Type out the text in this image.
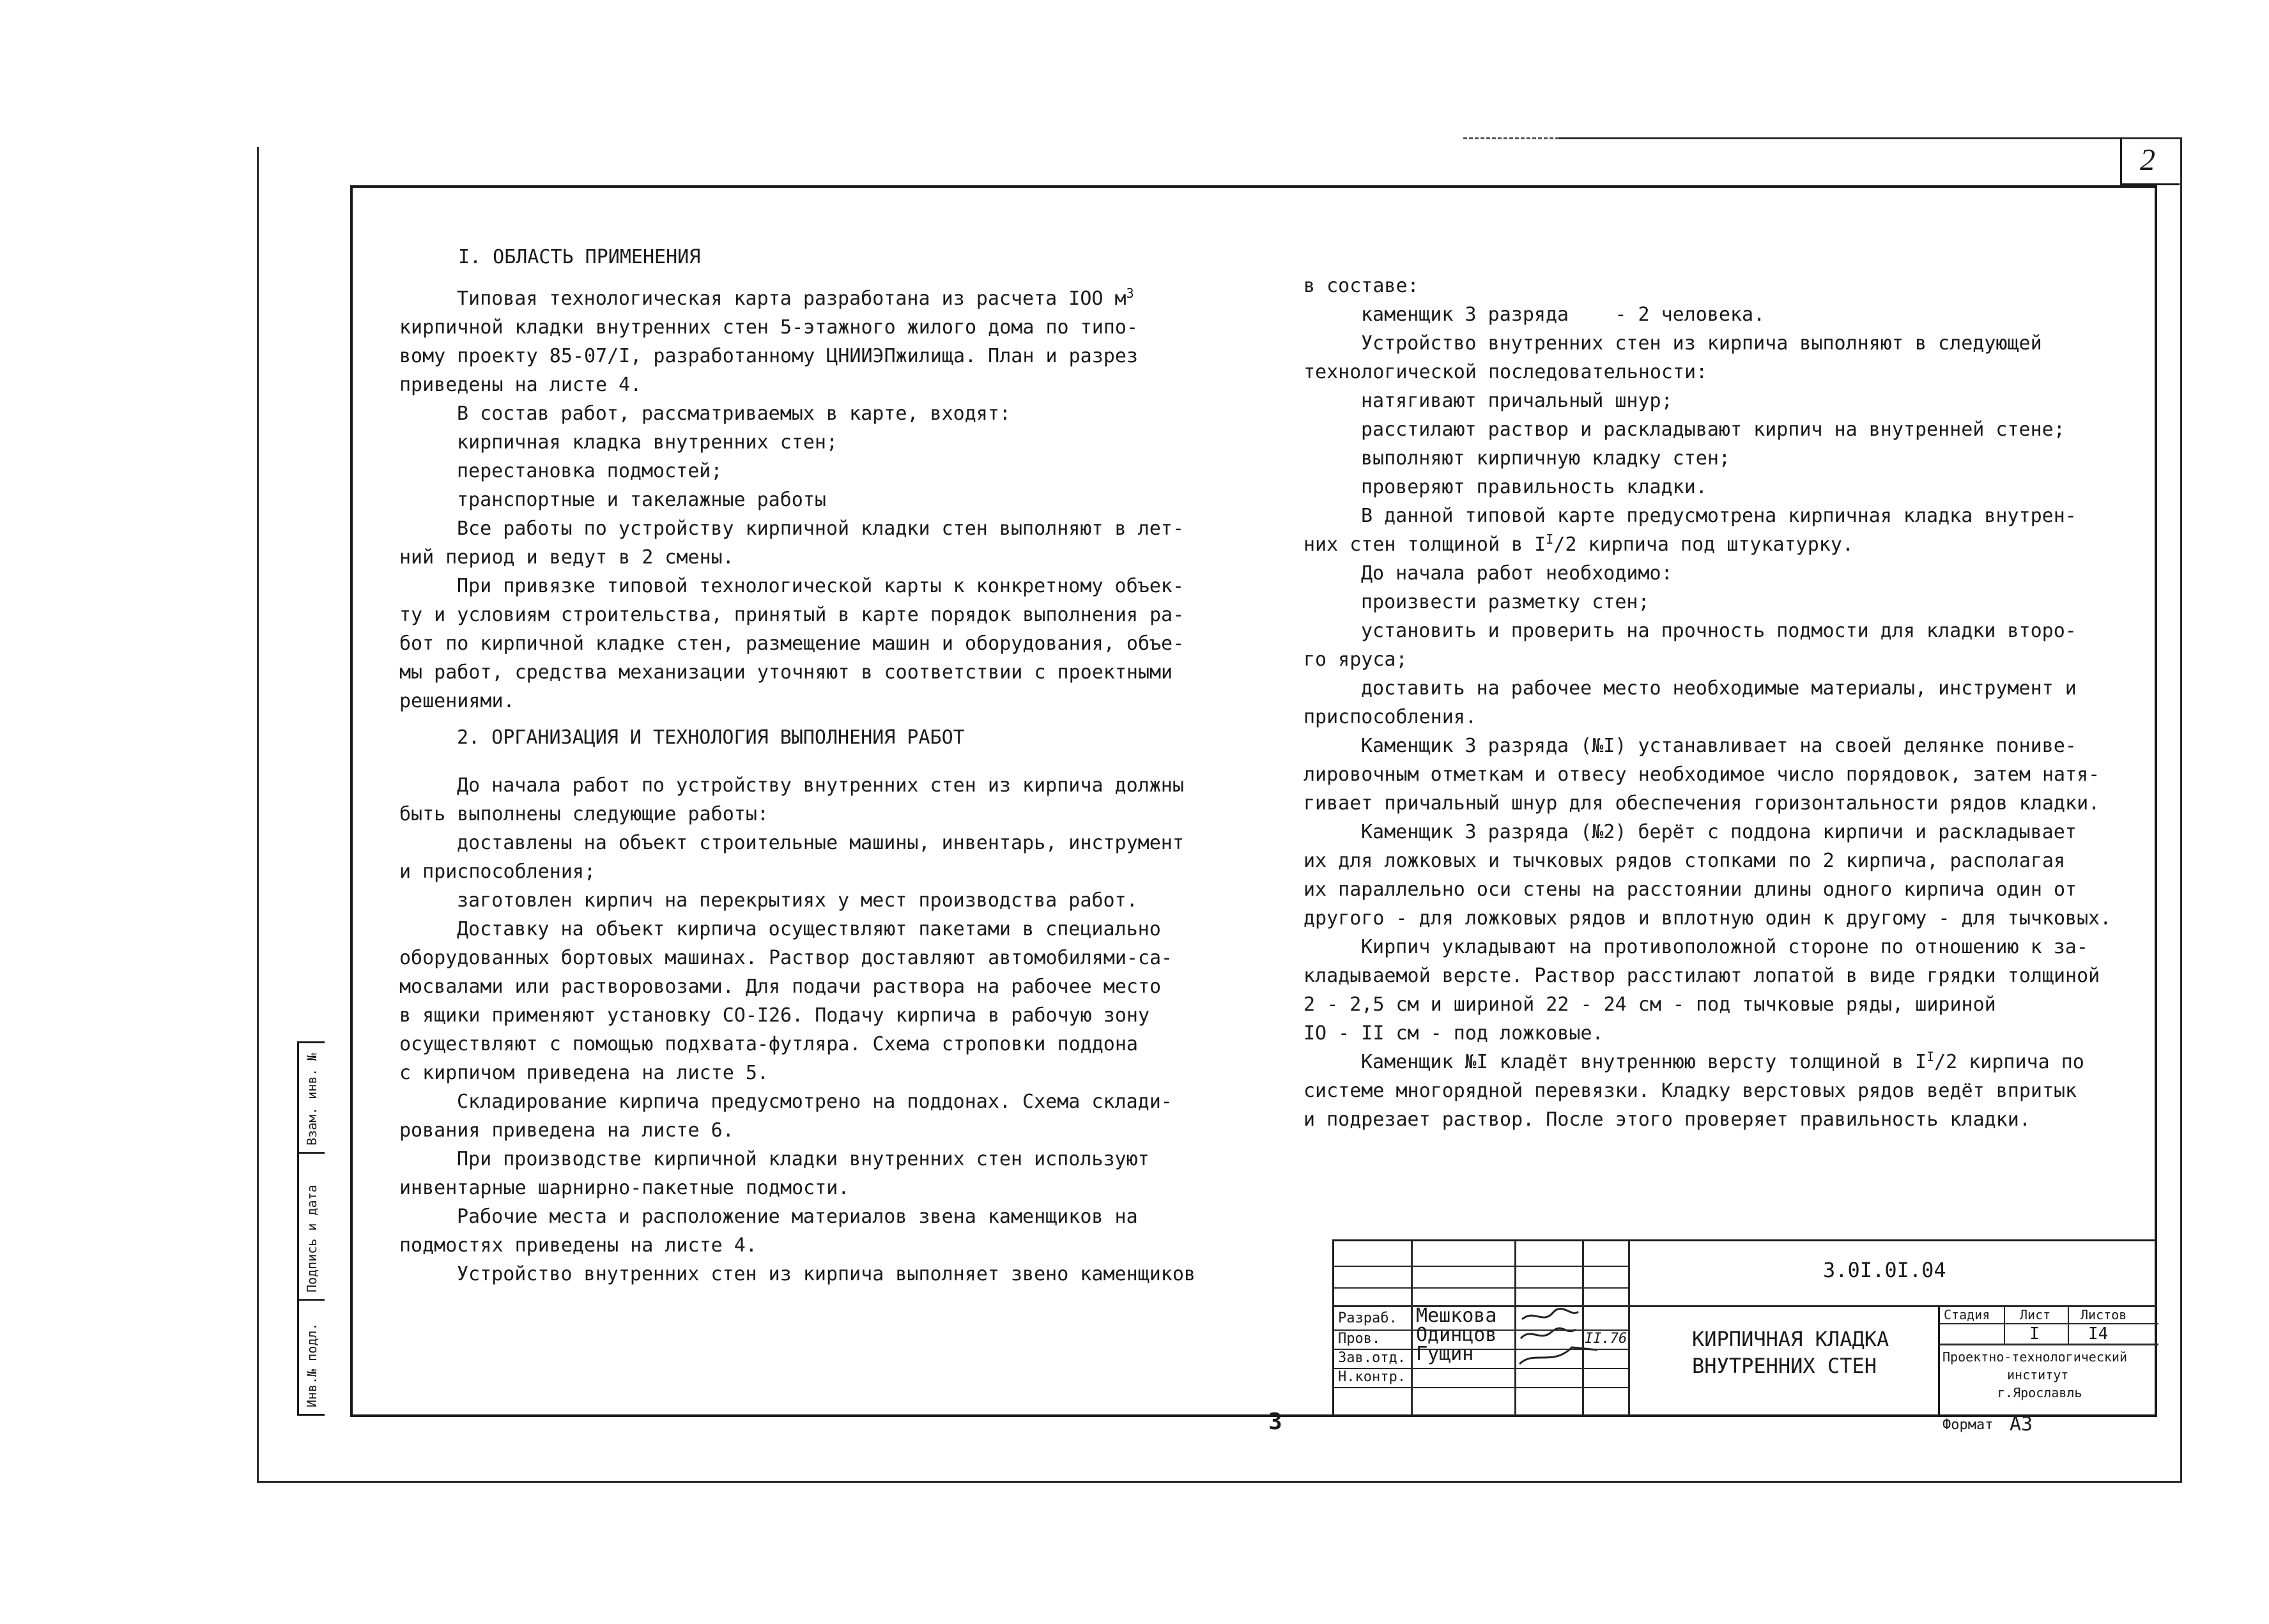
2
Инв.№ подл.
Подпись и дата
Взам. инв. №

I. ОБЛАСТЬ ПРИМЕНЕНИЯ

Типовая технологическая карта разработана из расчета IOO $м^3$

кирпичной кладки внутренних стен 5-этажного жилого дома по типо-

вому проекту 85-07/I, разработанному ЦНИИЭПжилища. План и разрез

приведены на листе 4.

В состав работ, рассматриваемых в карте, входят:

кирпичная кладка внутренних стен;

перестановка подмостей;

транспортные и такелажные работы

Все работы по устройству кирпичной кладки стен выполняют в лет-

ний период и ведут в 2 смены.

При привязке типовой технологической карты к конкретному объек-

ту и условиям строительства, принятый в карте порядок выполнения ра-

бот по кирпичной кладке стен, размещение машин и оборудования, объе-

мы работ, средства механизации уточняют в соответствии с проектными

решениями.

2. ОРГАНИЗАЦИЯ И ТЕХНОЛОГИЯ ВЫПОЛНЕНИЯ РАБОТ

До начала работ по устройству внутренних стен из кирпича должны

быть выполнены следующие работы:

доставлены на объект строительные машины, инвентарь, инструмент

и приспособления;

заготовлен кирпич на перекрытиях у мест производства работ.

Доставку на объект кирпича осуществляют пакетами в специально

оборудованных бортовых машинах. Раствор доставляют автомобилями-са-

мосвалами или растворовозами. Для подачи раствора на рабочее место

в ящики применяют установку СО-I26. Подачу кирпича в рабочую зону

осуществляют с помощью подхвата-футляра. Схема строповки поддона

с кирпичом приведена на листе 5.

Складирование кирпича предусмотрено на поддонах. Схема склади-

рования приведена на листе 6.

При производстве кирпичной кладки внутренних стен используют

инвентарные шарнирно-пакетные подмости.

Рабочие места и расположение материалов звена каменщиков на

подмостях приведены на листе 4.

Устройство внутренних стен из кирпича выполняет звено каменщиков

в составе:

каменщик 3 разряда    - 2 человека.

Устройство внутренних стен из кирпича выполняют в следующей

технологической последовательности:

натягивают причальный шнур;

расстилают раствор и раскладывают кирпич на внутренней стене;

выполняют кирпичную кладку стен;

проверяют правильность кладки.

В данной типовой карте предусмотрена кирпичная кладка внутрен-

них стен толщиной в $I^I/2$ кирпича под штукатурку.

До начала работ необходимо:

произвести разметку стен;

установить и проверить на прочность подмости для кладки второ-

го яруса;

доставить на рабочее место необходимые материалы, инструмент и

приспособления.

Каменщик 3 разряда (№I) устанавливает на своей делянке пониве-

лировочным отметкам и отвесу необходимое число порядовок, затем натя-

гивает причальный шнур для обеспечения горизонтальности рядов кладки.

Каменщик 3 разряда (№2) берёт с поддона кирпичи и раскладывает

их для ложковых и тычковых рядов стопками по 2 кирпича, располагая

их параллельно оси стены на расстоянии длины одного кирпича один от

другого - для ложковых рядов и вплотную один к другому - для тычковых.

Кирпич укладывают на противоположной стороне по отношению к за-

кладываемой версте. Раствор расстилают лопатой в виде грядки толщиной

2 - 2,5 см и шириной 22 - 24 см - под тычковые ряды, шириной

IO - II см - под ложковые.

Каменщик №I кладёт внутреннюю версту толщиной в $I^I/2$ кирпича по

системе многорядной перевязки. Кладку верстовых рядов ведёт впритык

и подрезает раствор. После этого проверяет правильность кладки.

3.0I.0I.04
Разраб.
Пров.
Зав.отд.
Н.контр.
Мешкова
Одинцов
Гущин
II.76	КИРПИЧНАЯ КЛАДКА
ВНУТРЕННИХ СТЕН
Стадия Лист Листов
I	I4
Проектно-технологический
институт
г.Ярославль
Формат А3
3
